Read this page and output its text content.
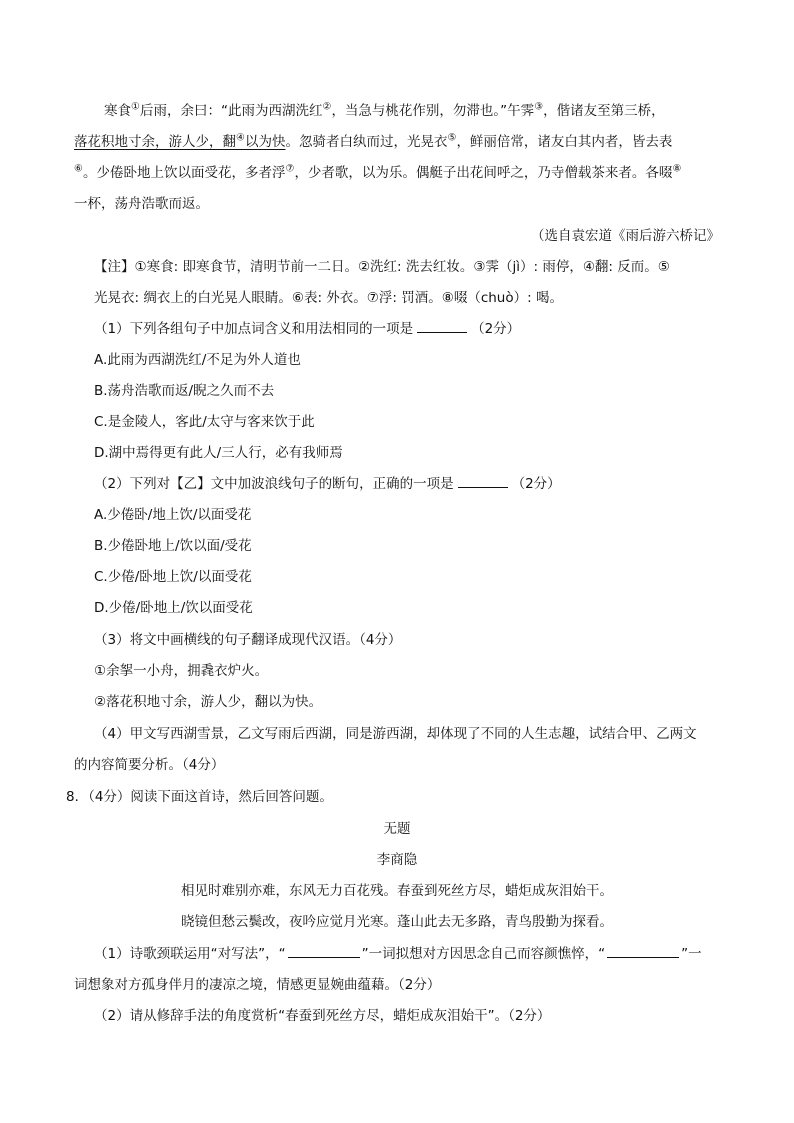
寒食①后雨，余曰：“此雨为西湖洗红②，当急与桃花作别，勿滞也。”午霁③，偕诸友至第三桥，
落花积地寸余，游人少，翻④以为快。忽骑者白纨而过，光晃衣⑤，鲜丽倍常，诸友白其内者，皆去表
⑥。少倦卧地上饮以面受花，多者浮⑦，少者歌，以为乐。偶艇子出花间呼之，乃寺僧载茶来者。各啜⑧
一杯，荡舟浩歌而返。
（选自袁宏道《雨后游六桥记》
【注】①寒食: 即寒食节，清明节前一二日。②洗红: 洗去红妆。③霁（jì）: 雨停，④翻: 反而。⑤
光晃衣: 绸衣上的白光晃人眼睛。⑥表: 外衣。⑦浮: 罚酒。⑧啜（chuò）: 喝。
（1）下列各组句子中加点词含义和用法相同的一项是	（2分）
A.此雨为西湖洗红/不足为外人道也
B.荡舟浩歌而返/睨之久而不去
C.是金陵人，客此/太守与客来饮于此
D.湖中焉得更有此人/三人行，必有我师焉
（2）下列对【乙】文中加波浪线句子的断句，正确的一项是	（2分）
A.少倦卧/地上饮/以面受花
B.少倦卧地上/饮以面/受花
C.少倦/卧地上饮/以面受花
D.少倦/卧地上/饮以面受花
（3）将文中画横线的句子翻译成现代汉语。（4分）
①余挐一小舟，拥毳衣炉火。
②落花积地寸余，游人少，翻以为快。
（4）甲文写西湖雪景，乙文写雨后西湖，同是游西湖，却体现了不同的人生志趣，试结合甲、乙两文
的内容简要分析。（4分）
8．（4分）阅读下面这首诗，然后回答问题。
无题
李商隐
相见时难别亦难，东风无力百花残。春蚕到死丝方尽，蜡炬成灰泪始干。
晓镜但愁云鬓改，夜吟应觉月光寒。蓬山此去无多路，青鸟殷勤为探看。
（1）诗歌颈联运用“对写法”，“	”一词拟想对方因思念自己而容颜憔悴，“	”一
词想象对方孤身伴月的凄凉之境，情感更显婉曲蕴藉。（2分）
（2）请从修辞手法的角度赏析“春蚕到死丝方尽，蜡炬成灰泪始干”。（2分）
